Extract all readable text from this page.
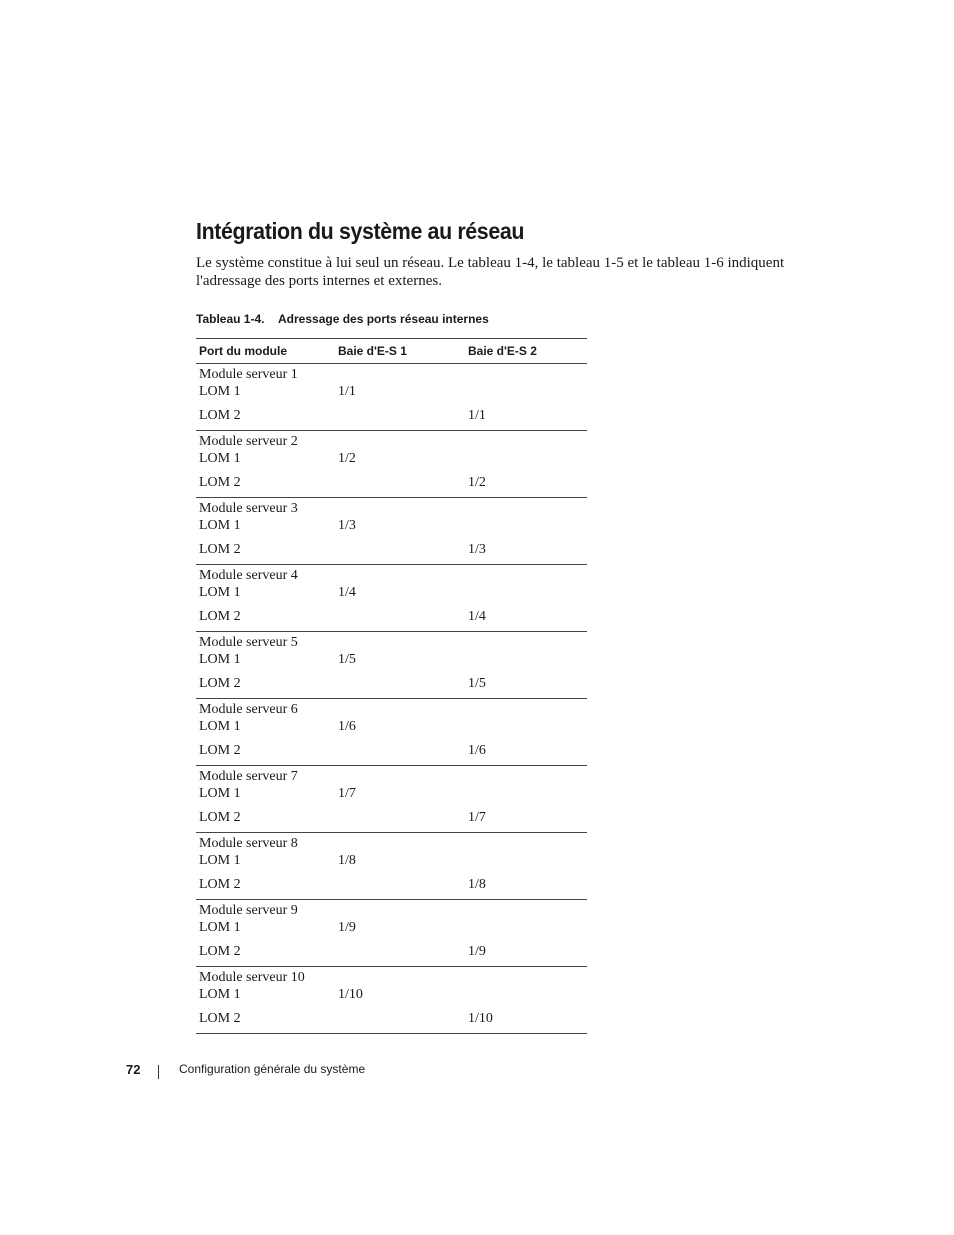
Intégration du système au réseau

Le système constitue à lui seul un réseau. Le tableau 1-4, le tableau 1-5 et le tableau 1-6 indiquent l'adressage des ports internes et externes.

Tableau 1-4. Adressage des ports réseau internes
Port du module	Baie d'E-S 1	Baie d'E-S 2
Module serveur 1		
LOM 1	1/1	
LOM 2		1/1
Module serveur 2		
LOM 1	1/2	
LOM 2		1/2
Module serveur 3		
LOM 1	1/3	
LOM 2		1/3
Module serveur 4		
LOM 1	1/4	
LOM 2		1/4
Module serveur 5		
LOM 1	1/5	
LOM 2		1/5
Module serveur 6		
LOM 1	1/6	
LOM 2		1/6
Module serveur 7		
LOM 1	1/7	
LOM 2		1/7
Module serveur 8		
LOM 1	1/8	
LOM 2		1/8
Module serveur 9		
LOM 1	1/9	
LOM 2		1/9
Module serveur 10		
LOM 1	1/10	
LOM 2		1/10
72	Configuration générale du système
